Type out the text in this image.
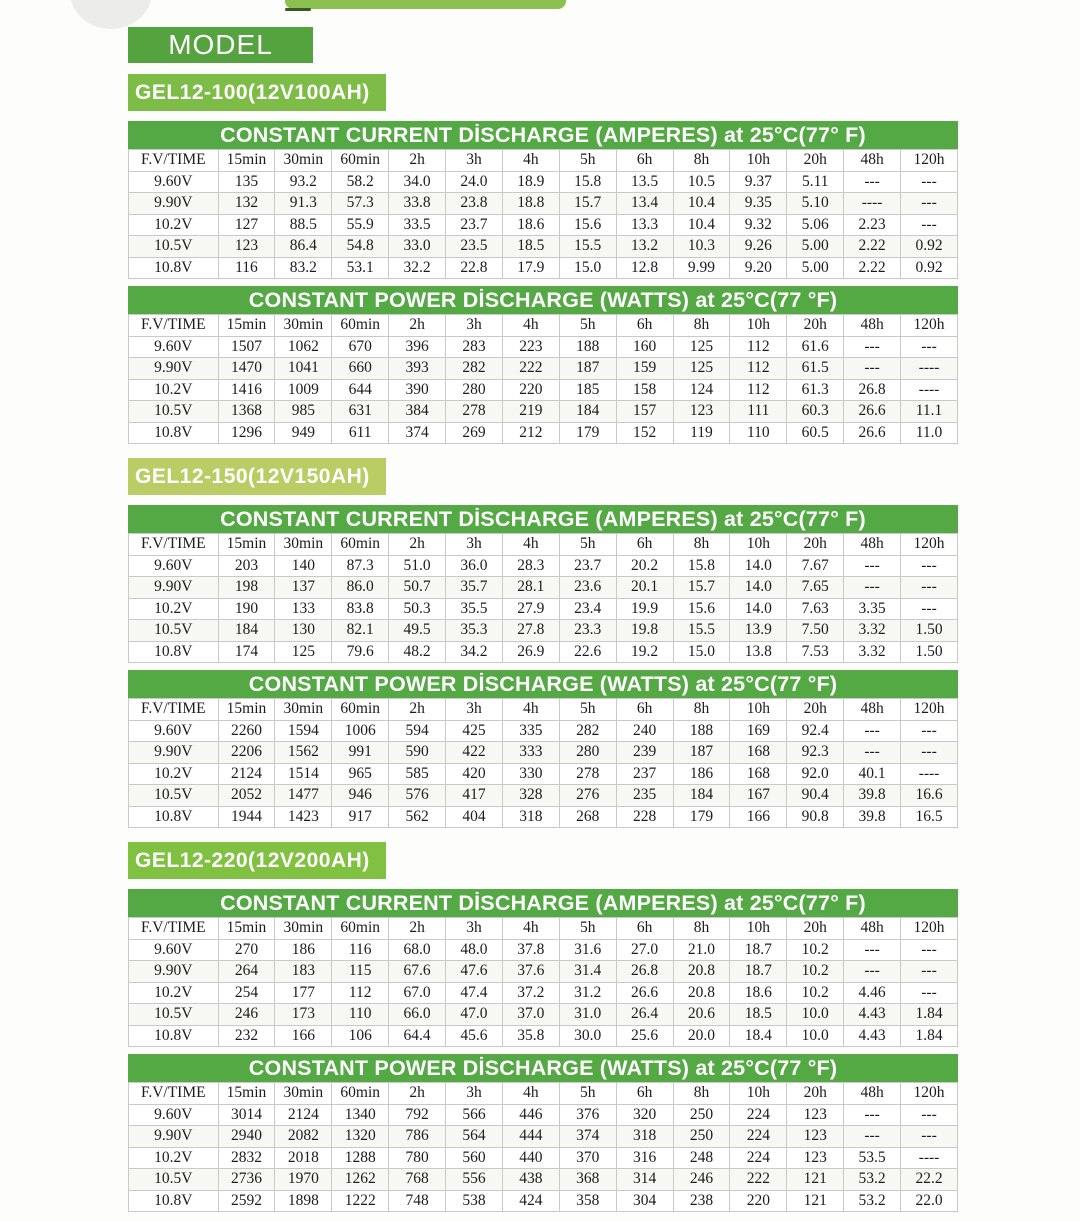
MODEL
GEL12-100(12V100AH)
CONSTANT CURRENT DİSCHARGE (AMPERES) at 25°C(77° F)
F.V/TIME	15min	30min	60min	2h	3h	4h	5h	6h	8h	10h	20h	48h	120h
9.60V	135	93.2	58.2	34.0	24.0	18.9	15.8	13.5	10.5	9.37	5.11	---	---
9.90V	132	91.3	57.3	33.8	23.8	18.8	15.7	13.4	10.4	9.35	5.10	----	---
10.2V	127	88.5	55.9	33.5	23.7	18.6	15.6	13.3	10.4	9.32	5.06	2.23	---
10.5V	123	86.4	54.8	33.0	23.5	18.5	15.5	13.2	10.3	9.26	5.00	2.22	0.92
10.8V	116	83.2	53.1	32.2	22.8	17.9	15.0	12.8	9.99	9.20	5.00	2.22	0.92
CONSTANT POWER DİSCHARGE (WATTS) at 25°C(77 °F)
F.V/TIME	15min	30min	60min	2h	3h	4h	5h	6h	8h	10h	20h	48h	120h
9.60V	1507	1062	670	396	283	223	188	160	125	112	61.6	---	---
9.90V	1470	1041	660	393	282	222	187	159	125	112	61.5	---	----
10.2V	1416	1009	644	390	280	220	185	158	124	112	61.3	26.8	----
10.5V	1368	985	631	384	278	219	184	157	123	111	60.3	26.6	11.1
10.8V	1296	949	611	374	269	212	179	152	119	110	60.5	26.6	11.0
GEL12-150(12V150AH)
CONSTANT CURRENT DİSCHARGE (AMPERES) at 25°C(77° F)
F.V/TIME	15min	30min	60min	2h	3h	4h	5h	6h	8h	10h	20h	48h	120h
9.60V	203	140	87.3	51.0	36.0	28.3	23.7	20.2	15.8	14.0	7.67	---	---
9.90V	198	137	86.0	50.7	35.7	28.1	23.6	20.1	15.7	14.0	7.65	---	---
10.2V	190	133	83.8	50.3	35.5	27.9	23.4	19.9	15.6	14.0	7.63	3.35	---
10.5V	184	130	82.1	49.5	35.3	27.8	23.3	19.8	15.5	13.9	7.50	3.32	1.50
10.8V	174	125	79.6	48.2	34.2	26.9	22.6	19.2	15.0	13.8	7.53	3.32	1.50
CONSTANT POWER DİSCHARGE (WATTS) at 25°C(77 °F)
F.V/TIME	15min	30min	60min	2h	3h	4h	5h	6h	8h	10h	20h	48h	120h
9.60V	2260	1594	1006	594	425	335	282	240	188	169	92.4	---	---
9.90V	2206	1562	991	590	422	333	280	239	187	168	92.3	---	---
10.2V	2124	1514	965	585	420	330	278	237	186	168	92.0	40.1	----
10.5V	2052	1477	946	576	417	328	276	235	184	167	90.4	39.8	16.6
10.8V	1944	1423	917	562	404	318	268	228	179	166	90.8	39.8	16.5
GEL12-220(12V200AH)
CONSTANT CURRENT DİSCHARGE (AMPERES) at 25°C(77° F)
F.V/TIME	15min	30min	60min	2h	3h	4h	5h	6h	8h	10h	20h	48h	120h
9.60V	270	186	116	68.0	48.0	37.8	31.6	27.0	21.0	18.7	10.2	---	---
9.90V	264	183	115	67.6	47.6	37.6	31.4	26.8	20.8	18.7	10.2	---	---
10.2V	254	177	112	67.0	47.4	37.2	31.2	26.6	20.8	18.6	10.2	4.46	---
10.5V	246	173	110	66.0	47.0	37.0	31.0	26.4	20.6	18.5	10.0	4.43	1.84
10.8V	232	166	106	64.4	45.6	35.8	30.0	25.6	20.0	18.4	10.0	4.43	1.84
CONSTANT POWER DİSCHARGE (WATTS) at 25°C(77 °F)
F.V/TIME	15min	30min	60min	2h	3h	4h	5h	6h	8h	10h	20h	48h	120h
9.60V	3014	2124	1340	792	566	446	376	320	250	224	123	---	---
9.90V	2940	2082	1320	786	564	444	374	318	250	224	123	---	---
10.2V	2832	2018	1288	780	560	440	370	316	248	224	123	53.5	----
10.5V	2736	1970	1262	768	556	438	368	314	246	222	121	53.2	22.2
10.8V	2592	1898	1222	748	538	424	358	304	238	220	121	53.2	22.0
